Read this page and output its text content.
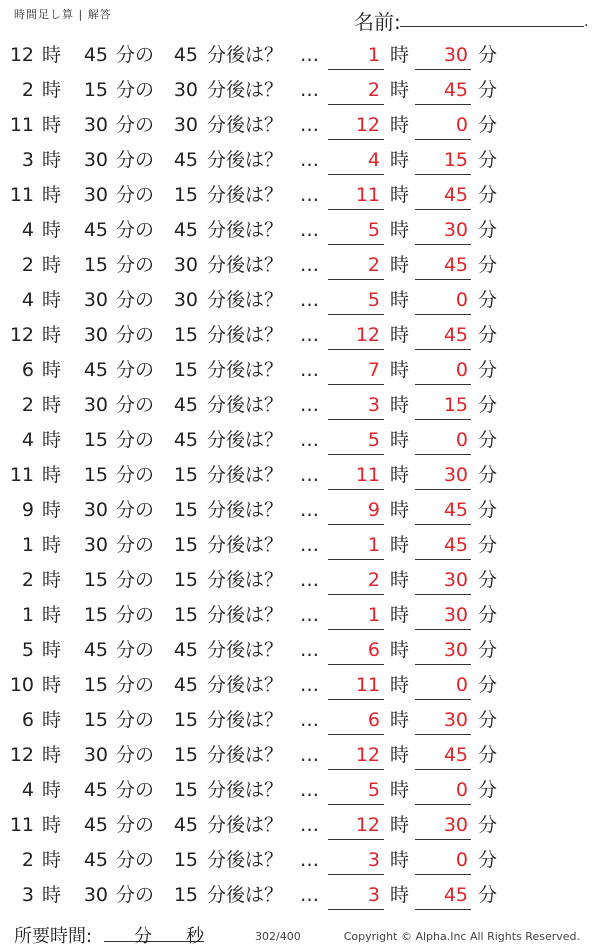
時間足し算 | 解答	名前:	.
12 時	45 分の 45 分後は？ …	1 時	30 分
2 時	15 分の 30 分後は？ …	2 時	45 分
11 時	30 分の 30 分後は？ …	12 時	0 分
3 時	30 分の 45 分後は？ …	4 時	15 分
11 時	30 分の 15 分後は？ …	11 時	45 分
4 時	45 分の 45 分後は？ …	5 時	30 分
2 時	15 分の 30 分後は？ …	2 時	45 分
4 時	30 分の 30 分後は？ …	5 時	0 分
12 時	30 分の 15 分後は？ …	12 時	45 分
6 時	45 分の 15 分後は？ …	7 時	0 分
2 時	30 分の 45 分後は？ …	3 時	15 分
4 時	15 分の 45 分後は？ …	5 時	0 分
11 時	15 分の 15 分後は？ …	11 時	30 分
9 時	30 分の 15 分後は？ …	9 時	45 分
1 時	30 分の 15 分後は？ …	1 時	45 分
2 時	15 分の 15 分後は？ …	2 時	30 分
1 時	15 分の 15 分後は？ …	1 時	30 分
5 時	45 分の 45 分後は？ …	6 時	30 分
10 時	15 分の 45 分後は？ …	11 時	0 分
6 時	15 分の 15 分後は？ …	6 時	30 分
12 時	30 分の 15 分後は？ …	12 時	45 分
4 時	45 分の 15 分後は？ …	5 時	0 分
11 時	45 分の 45 分後は？ …	12 時	30 分
2 時	45 分の 15 分後は？ …	3 時	0 分
3 時	30 分の 15 分後は？ …	3 時	45 分
所要時間: 分 秒	302/400	Copyright © Alpha.Inc All Rights Reserved.
